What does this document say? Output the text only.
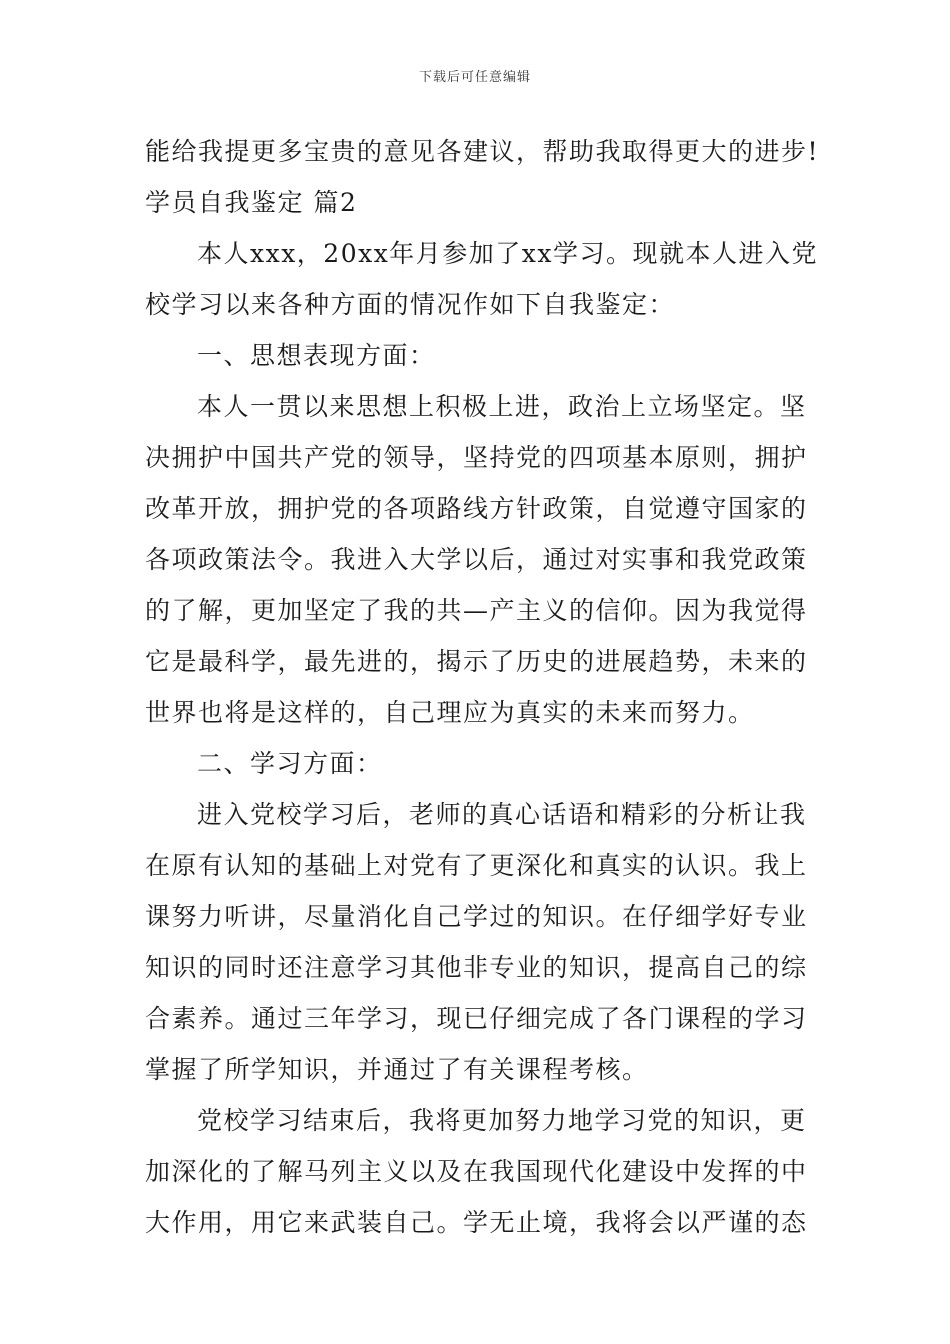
下载后可任意编辑
能给我提更多宝贵的意见各建议，帮助我取得更大的进步!
学员自我鉴定 篇2
本人xxx，20xx年月参加了xx学习。现就本人进入党
校学习以来各种方面的情况作如下自我鉴定：
一、思想表现方面：
本人一贯以来思想上积极上进，政治上立场坚定。坚
决拥护中国共产党的领导，坚持党的四项基本原则，拥护
改革开放，拥护党的各项路线方针政策，自觉遵守国家的
各项政策法令。我进入大学以后，通过对实事和我党政策
的了解，更加坚定了我的共—产主义的信仰。因为我觉得
它是最科学，最先进的，揭示了历史的进展趋势，未来的
世界也将是这样的，自己理应为真实的未来而努力。
二、学习方面：
进入党校学习后，老师的真心话语和精彩的分析让我
在原有认知的基础上对党有了更深化和真实的认识。我上
课努力听讲，尽量消化自己学过的知识。在仔细学好专业
知识的同时还注意学习其他非专业的知识，提高自己的综
合素养。通过三年学习，现已仔细完成了各门课程的学习
掌握了所学知识，并通过了有关课程考核。
党校学习结束后，我将更加努力地学习党的知识，更
加深化的了解马列主义以及在我国现代化建设中发挥的中
大作用，用它来武装自己。学无止境，我将会以严谨的态
